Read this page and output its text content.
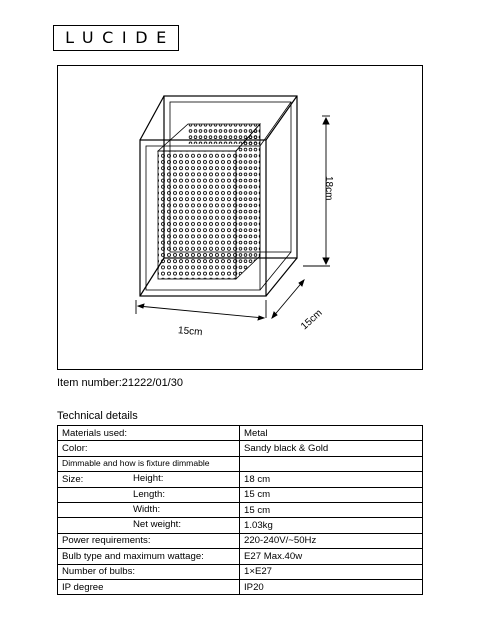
LUCIDE
15cm	15cm
18cm
Item number:21222/01/30
Technical details
Materials used:	Metal
Color:	Sandy black & Gold
Dimmable and how is fixture dimmable	
Size: Height:	18 cm

Length:	15 cm

Width:	15 cm

Net weight:	1.03kg
Power requirements:	220-240V/~50Hz
Bulb type and maximum wattage:	E27 Max.40w
Number of bulbs:	1×E27
IP degree	IP20
